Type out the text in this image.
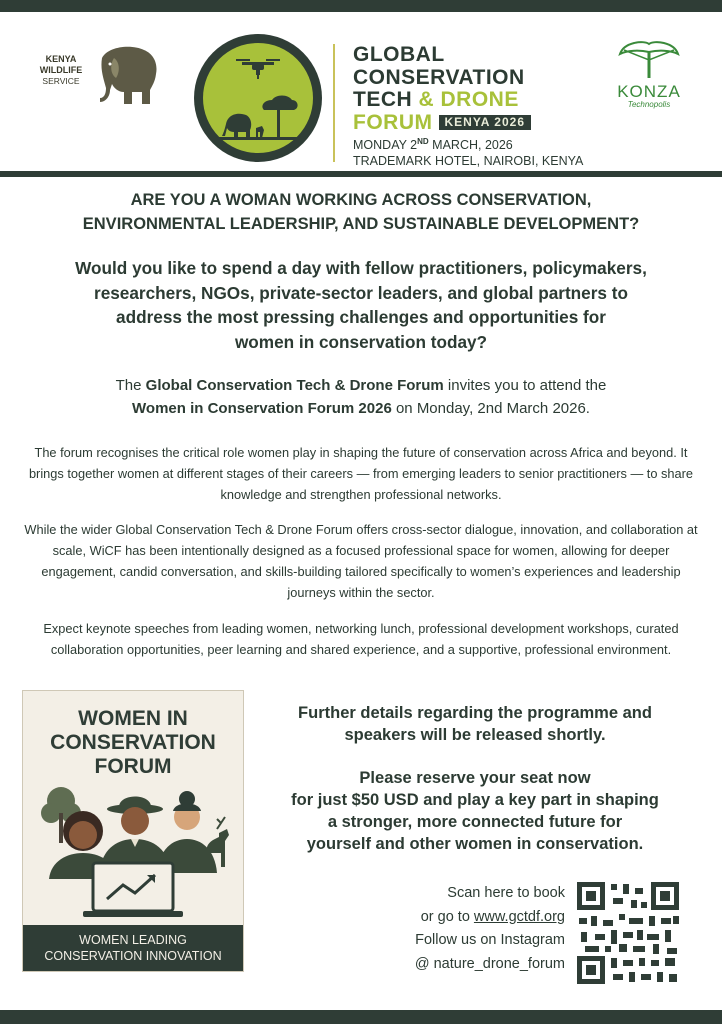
KENYA
WILDLIFE
SERVICE
GLOBAL
CONSERVATION
TECH & DRONE
FORUM KENYA 2026
MONDAY 2ND MARCH, 2026
TRADEMARK HOTEL, NAIROBI, KENYA
KONZA
Technopolis
ARE YOU A WOMAN WORKING ACROSS CONSERVATION,
ENVIRONMENTAL LEADERSHIP, AND SUSTAINABLE DEVELOPMENT?
Would you like to spend a day with fellow practitioners, policymakers,
researchers, NGOs, private-sector leaders, and global partners to
address the most pressing challenges and opportunities for
women in conservation today?
The Global Conservation Tech & Drone Forum invites you to attend the
Women in Conservation Forum 2026 on Monday, 2nd March 2026.
The forum recognises the critical role women play in shaping the future of conservation across Africa and beyond. It brings together women at different stages of their careers — from emerging leaders to senior practitioners — to share knowledge and strengthen professional networks.
While the wider Global Conservation Tech & Drone Forum offers cross-sector dialogue, innovation, and collaboration at scale, WiCF has been intentionally designed as a focused professional space for women, allowing for deeper engagement, candid conversation, and skills-building tailored specifically to women’s experiences and leadership journeys within the sector.
Expect keynote speeches from leading women, networking lunch, professional development workshops, curated collaboration opportunities, peer learning and shared experience, and a supportive, professional environment.
WOMEN IN
CONSERVATION
FORUM
WOMEN LEADING
CONSERVATION INNOVATION
Further details regarding the programme and
speakers will be released shortly.
Please reserve your seat now
for just $50 USD and play a key part in shaping
a stronger, more connected future for
yourself and other women in conservation.
Scan here to book
or go to www.gctdf.org
Follow us on Instagram
@ nature_drone_forum
